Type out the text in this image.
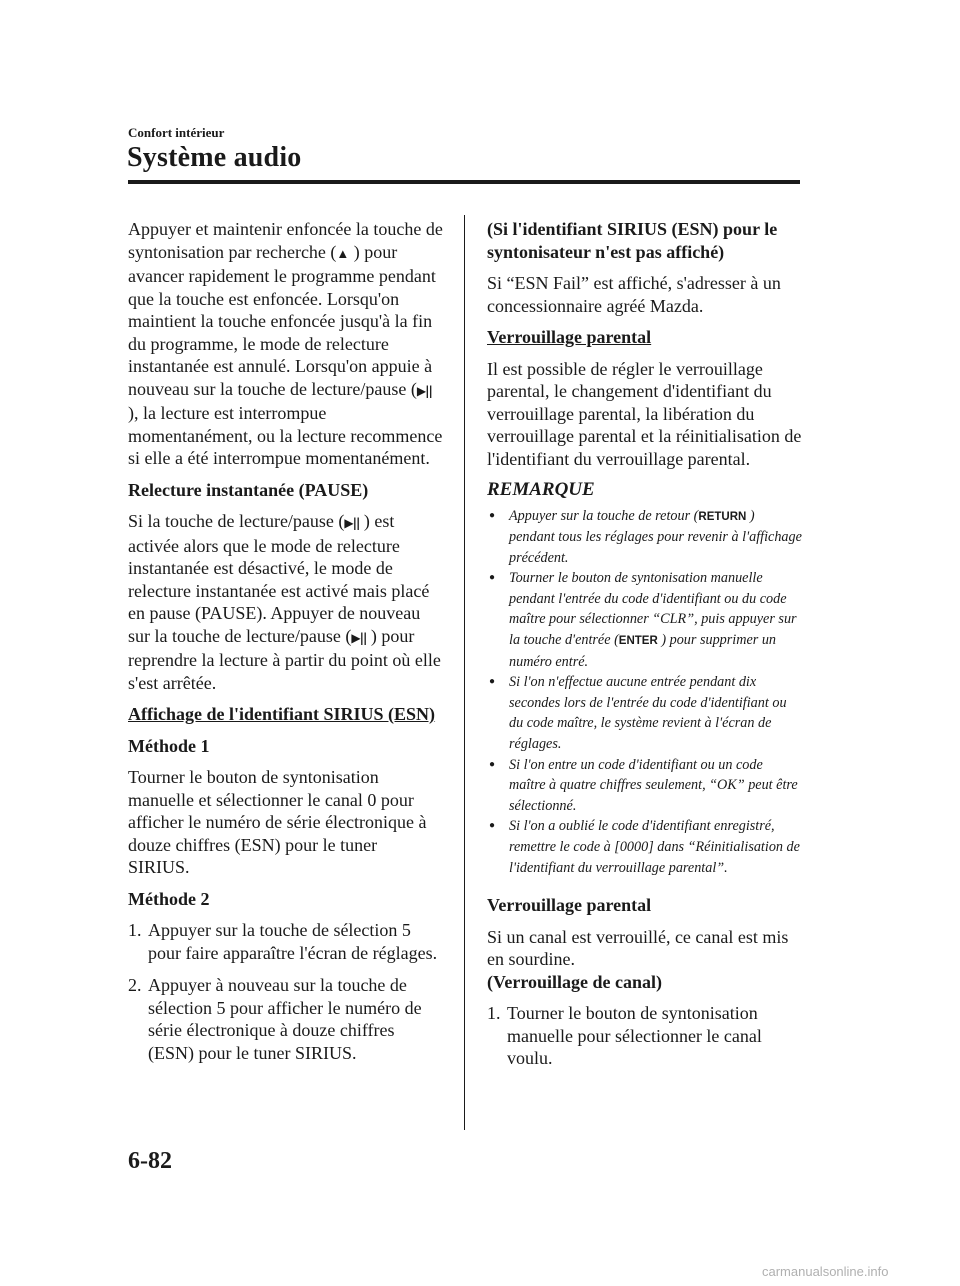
Confort intérieur
Système audio

Appuyer et maintenir enfoncée la touche de syntonisation par recherche (▲ ) pour avancer rapidement le programme pendant que la touche est enfoncée. Lorsqu'on maintient la touche enfoncée jusqu'à la fin du programme, le mode de relecture instantanée est annulé. Lorsqu'on appuie à nouveau sur la touche de lecture/pause (▶|| ), la lecture est interrompue momentanément, ou la lecture recommence si elle a été interrompue momentanément.

Relecture instantanée (PAUSE)

Si la touche de lecture/pause (▶|| ) est activée alors que le mode de relecture instantanée est désactivé, le mode de relecture instantanée est activé mais placé en pause (PAUSE). Appuyer de nouveau sur la touche de lecture/pause (▶|| ) pour reprendre la lecture à partir du point où elle s'est arrêtée.

Affichage de l'identifiant SIRIUS (ESN)
Méthode 1

Tourner le bouton de syntonisation manuelle et sélectionner le canal 0 pour afficher le numéro de série électronique à douze chiffres (ESN) pour le tuner SIRIUS.

Méthode 2
1. Appuyer sur la touche de sélection 5 pour faire apparaître l'écran de réglages.
2. Appuyer à nouveau sur la touche de sélection 5 pour afficher le numéro de série électronique à douze chiffres (ESN) pour le tuner SIRIUS.
(Si l'identifiant SIRIUS (ESN) pour le syntonisateur n'est pas affiché)

Si “ESN Fail” est affiché, s'adresser à un concessionnaire agréé Mazda.

Verrouillage parental

Il est possible de régler le verrouillage parental, le changement d'identifiant du verrouillage parental, la libération du verrouillage parental et la réinitialisation de l'identifiant du verrouillage parental.

REMARQUE
● Appuyer sur la touche de retour (RETURN ) pendant tous les réglages pour revenir à l'affichage précédent.
● Tourner le bouton de syntonisation manuelle pendant l'entrée du code d'identifiant ou du code maître pour sélectionner “CLR”, puis appuyer sur la touche d'entrée (ENTER ) pour supprimer un numéro entré.
● Si l'on n'effectue aucune entrée pendant dix secondes lors de l'entrée du code d'identifiant ou du code maître, le système revient à l'écran de réglages.
● Si l'on entre un code d'identifiant ou un code maître à quatre chiffres seulement, “OK” peut être sélectionné.
● Si l'on a oublié le code d'identifiant enregistré, remettre le code à [0000] dans “Réinitialisation de l'identifiant du verrouillage parental”.
Verrouillage parental

Si un canal est verrouillé, ce canal est mis en sourdine.

(Verrouillage de canal)
1. Tourner le bouton de syntonisation manuelle pour sélectionner le canal voulu.
6-82
carmanualsonline.info
